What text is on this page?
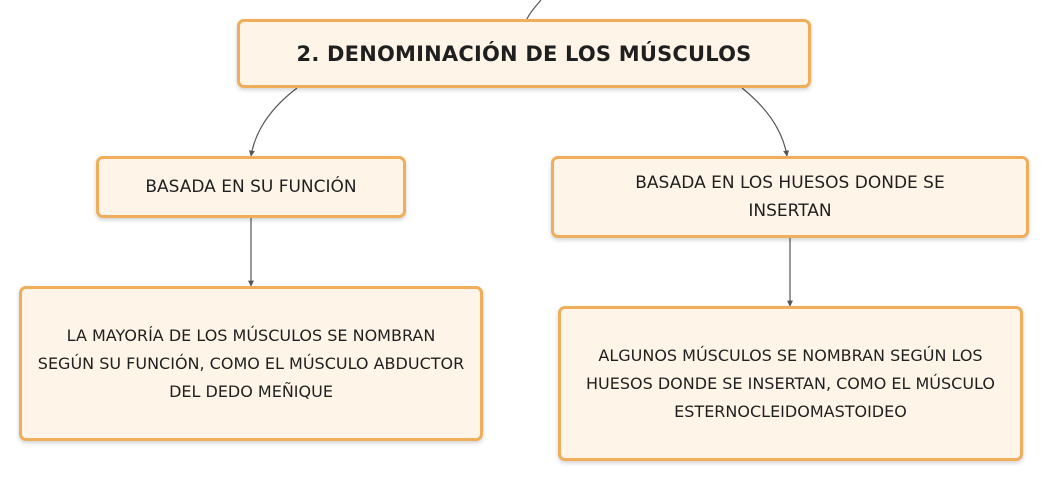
2. DENOMINACIÓN DE LOS MÚSCULOS
BASADA EN SU FUNCIÓN	BASADA EN LOS HUESOS DONDE SE INSERTAN
LA MAYORÍA DE LOS MÚSCULOS SE NOMBRAN SEGÚN SU FUNCIÓN, COMO EL MÚSCULO ABDUCTOR DEL DEDO MEÑIQUE
ALGUNOS MÚSCULOS SE NOMBRAN SEGÚN LOS HUESOS DONDE SE INSERTAN, COMO EL MÚSCULO ESTERNOCLEIDOMASTOIDEO
